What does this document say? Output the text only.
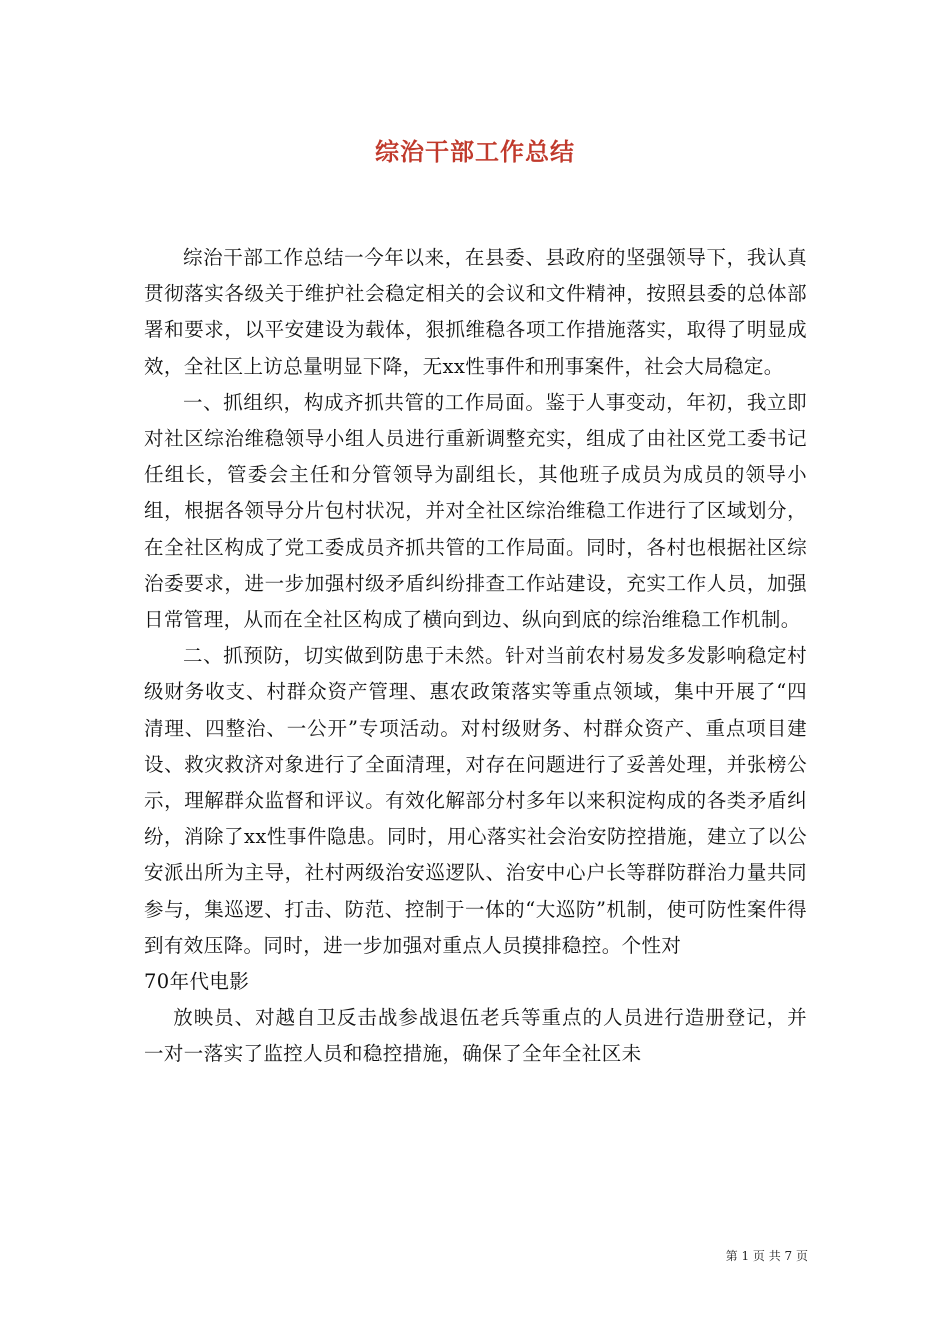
综治干部工作总结

综治干部工作总结一今年以来，在县委、县政府的坚强领导下，我认真贯彻落实各级关于维护社会稳定相关的会议和文件精神，按照县委的总体部署和要求，以平安建设为载体，狠抓维稳各项工作措施落实，取得了明显成效，全社区上访总量明显下降，无xx性事件和刑事案件，社会大局稳定。

一、抓组织，构成齐抓共管的工作局面。鉴于人事变动，年初，我立即对社区综治维稳领导小组人员进行重新调整充实，组成了由社区党工委书记任组长，管委会主任和分管领导为副组长，其他班子成员为成员的领导小组，根据各领导分片包村状况，并对全社区综治维稳工作进行了区域划分，在全社区构成了党工委成员齐抓共管的工作局面。同时，各村也根据社区综治委要求，进一步加强村级矛盾纠纷排查工作站建设，充实工作人员，加强日常管理，从而在全社区构成了横向到边、纵向到底的综治维稳工作机制。

二、抓预防，切实做到防患于未然。针对当前农村易发多发影响稳定村级财务收支、村群众资产管理、惠农政策落实等重点领域，集中开展了“四清理、四整治、一公开”专项活动。对村级财务、村群众资产、重点项目建设、救灾救济对象进行了全面清理，对存在问题进行了妥善处理，并张榜公示，理解群众监督和评议。有效化解部分村多年以来积淀构成的各类矛盾纠纷，消除了xx性事件隐患。同时，用心落实社会治安防控措施，建立了以公安派出所为主导，社村两级治安巡逻队、治安中心户长等群防群治力量共同参与，集巡逻、打击、防范、控制于一体的“大巡防”机制，使可防性案件得到有效压降。同时，进一步加强对重点人员摸排稳控。个性对

70年代电影

放映员、对越自卫反击战参战退伍老兵等重点的人员进行造册登记，并一对一落实了监控人员和稳控措施，确保了全年全社区未

第 1 页 共 7 页
